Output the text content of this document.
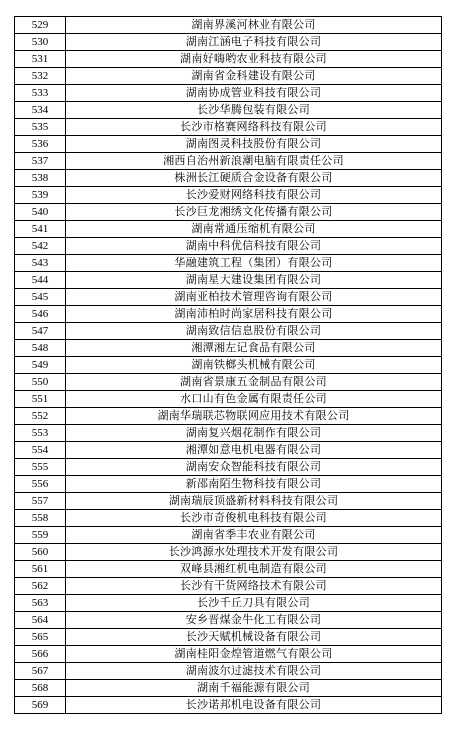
529	湖南界溪河林业有限公司
530	湖南江涵电子科技有限公司
531	湖南好嗨哟农业科技有限公司
532	湖南省金科建设有限公司
533	湖南协成管业科技有限公司
534	长沙华腾包装有限公司
535	长沙市格赛网络科技有限公司
536	湖南图灵科技股份有限公司
537	湘西自治州新浪潮电脑有限责任公司
538	株洲长江硬质合金设备有限公司
539	长沙爱财网络科技有限公司
540	长沙巨龙湘绣文化传播有限公司
541	湖南常通压缩机有限公司
542	湖南中科优信科技有限公司
543	华融建筑工程（集团）有限公司
544	湖南星大建设集团有限公司
545	湖南亚柏技术管理咨询有限公司
546	湖南沛柏时尚家居科技有限公司
547	湖南致信信息股份有限公司
548	湘潭湘左记食品有限公司
549	湖南铁榔头机械有限公司
550	湖南省景康五金制品有限公司
551	水口山有色金属有限责任公司
552	湖南华瑞联芯物联网应用技术有限公司
553	湖南复兴烟花制作有限公司
554	湘潭如意电机电器有限公司
555	湖南安众智能科技有限公司
556	新邵南陌生物科技有限公司
557	湖南瑞辰顶盛新材料科技有限公司
558	长沙市奇俊机电科技有限公司
559	湖南省季丰农业有限公司
560	长沙鸿源水处理技术开发有限公司
561	双峰县湘红机电制造有限公司
562	长沙有干货网络技术有限公司
563	长沙千丘刀具有限公司
564	安乡晋煤金牛化工有限公司
565	长沙天赋机械设备有限公司
566	湖南桂阳金煌管道燃气有限公司
567	湖南波尔过滤技术有限公司
568	湖南千福能源有限公司
569	长沙诺邦机电设备有限公司
